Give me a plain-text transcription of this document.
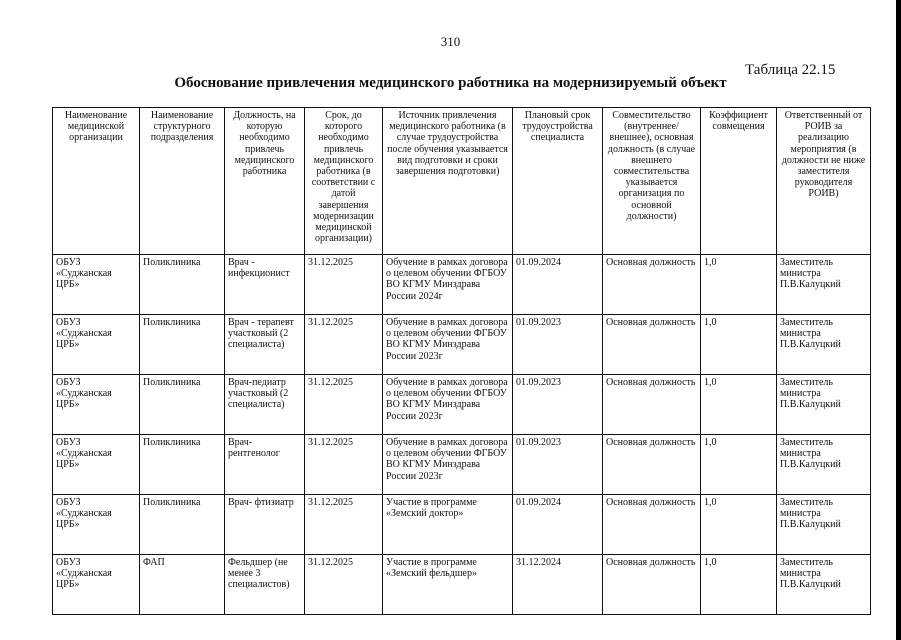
310
Таблица 22.15
Обоснование привлечения медицинского работника на модернизируемый объект
Наименование медицинской организации	Наименование структурного подразделения	Должность, на которую необходимо привлечь медицинского работника	Срок, до которого необходимо привлечь медицинского работника (в соответствии с датой завершения модернизации медицинской организации)	Источник привлечения медицинского работника (в случае трудоустройства после обучения указывается вид подготовки и сроки завершения подготовки)	Плановый срок трудоустройства специалиста	Совместительство (внутреннее/внешнее), основная должность (в случае внешнего совместительства указывается организация по основной должности)	Коэффициент совмещения	Ответственный от РОИВ за реализацию мероприятия (в должности не ниже заместителя руководителя РОИВ)
ОБУЗ «Суджанская ЦРБ»	Поликлиника	Врач - инфекционист	31.12.2025	Обучение в рамках договора о целевом обучении ФГБОУ ВО КГМУ Минздрава России 2024г	01.09.2024	Основная должность	1,0	Заместитель министра П.В.Калуцкий
ОБУЗ «Суджанская ЦРБ»	Поликлиника	Врач - терапевт участковый (2 специалиста)	31.12.2025	Обучение в рамках договора о целевом обучении ФГБОУ ВО КГМУ Минздрава России 2023г	01.09.2023	Основная должность	1,0	Заместитель министра П.В.Калуцкий
ОБУЗ «Суджанская ЦРБ»	Поликлиника	Врач-педиатр участковый (2 специалиста)	31.12.2025	Обучение в рамках договора о целевом обучении ФГБОУ ВО КГМУ Минздрава России 2023г	01.09.2023	Основная должность	1,0	Заместитель министра П.В.Калуцкий
ОБУЗ «Суджанская ЦРБ»	Поликлиника	Врач-рентгенолог	31.12.2025	Обучение в рамках договора о целевом обучении ФГБОУ ВО КГМУ Минздрава России 2023г	01.09.2023	Основная должность	1,0	Заместитель министра П.В.Калуцкий
ОБУЗ «Суджанская ЦРБ»	Поликлиника	Врач- фтизиатр	31.12.2025	Участие в программе «Земский доктор»	01.09.2024	Основная должность	1,0	Заместитель министра П.В.Калуцкий
ОБУЗ «Суджанская ЦРБ»	ФАП	Фельдшер (не менее 3 специалистов)	31.12.2025	Участие в программе «Земский фельдшер»	31.12.2024	Основная должность	1,0	Заместитель министра П.В.Калуцкий
